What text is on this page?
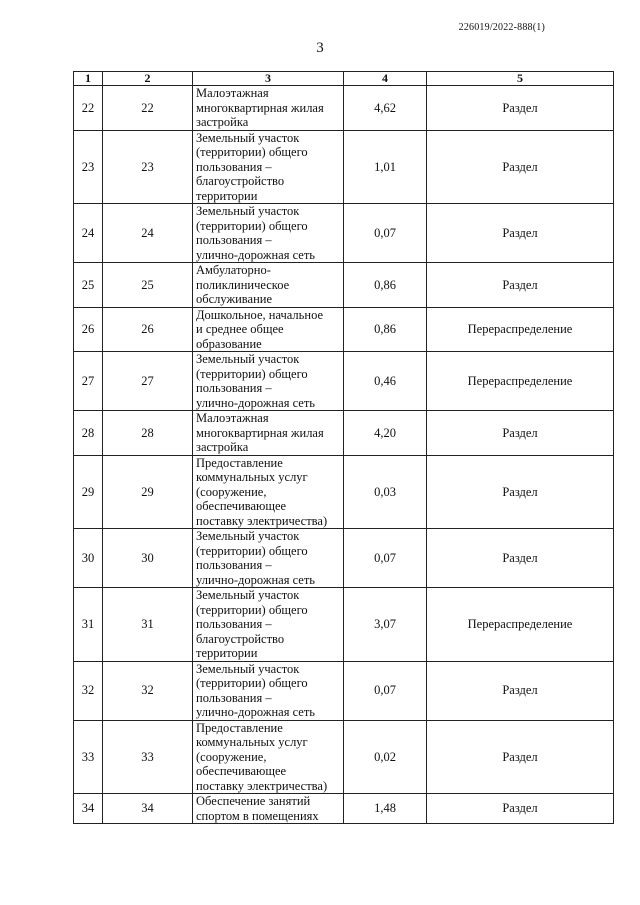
226019/2022-888(1)
3
1	2	3	4	5
22	22	Малоэтажная
многоквартирная жилая
застройка	4,62	Раздел
23	23	Земельный участок
(территории) общего
пользования –
благоустройство
территории	1,01	Раздел
24	24	Земельный участок
(территории) общего
пользования –
улично-дорожная сеть	0,07	Раздел
25	25	Амбулаторно-
поликлиническое
обслуживание	0,86	Раздел
26	26	Дошкольное, начальное
и среднее общее
образование	0,86	Перераспределение
27	27	Земельный участок
(территории) общего
пользования –
улично-дорожная сеть	0,46	Перераспределение
28	28	Малоэтажная
многоквартирная жилая
застройка	4,20	Раздел
29	29	Предоставление
коммунальных услуг
(сооружение,
обеспечивающее
поставку электричества)	0,03	Раздел
30	30	Земельный участок
(территории) общего
пользования –
улично-дорожная сеть	0,07	Раздел
31	31	Земельный участок
(территории) общего
пользования –
благоустройство
территории	3,07	Перераспределение
32	32	Земельный участок
(территории) общего
пользования –
улично-дорожная сеть	0,07	Раздел
33	33	Предоставление
коммунальных услуг
(сооружение,
обеспечивающее
поставку электричества)	0,02	Раздел
34	34	Обеспечение занятий
спортом в помещениях	1,48	Раздел
